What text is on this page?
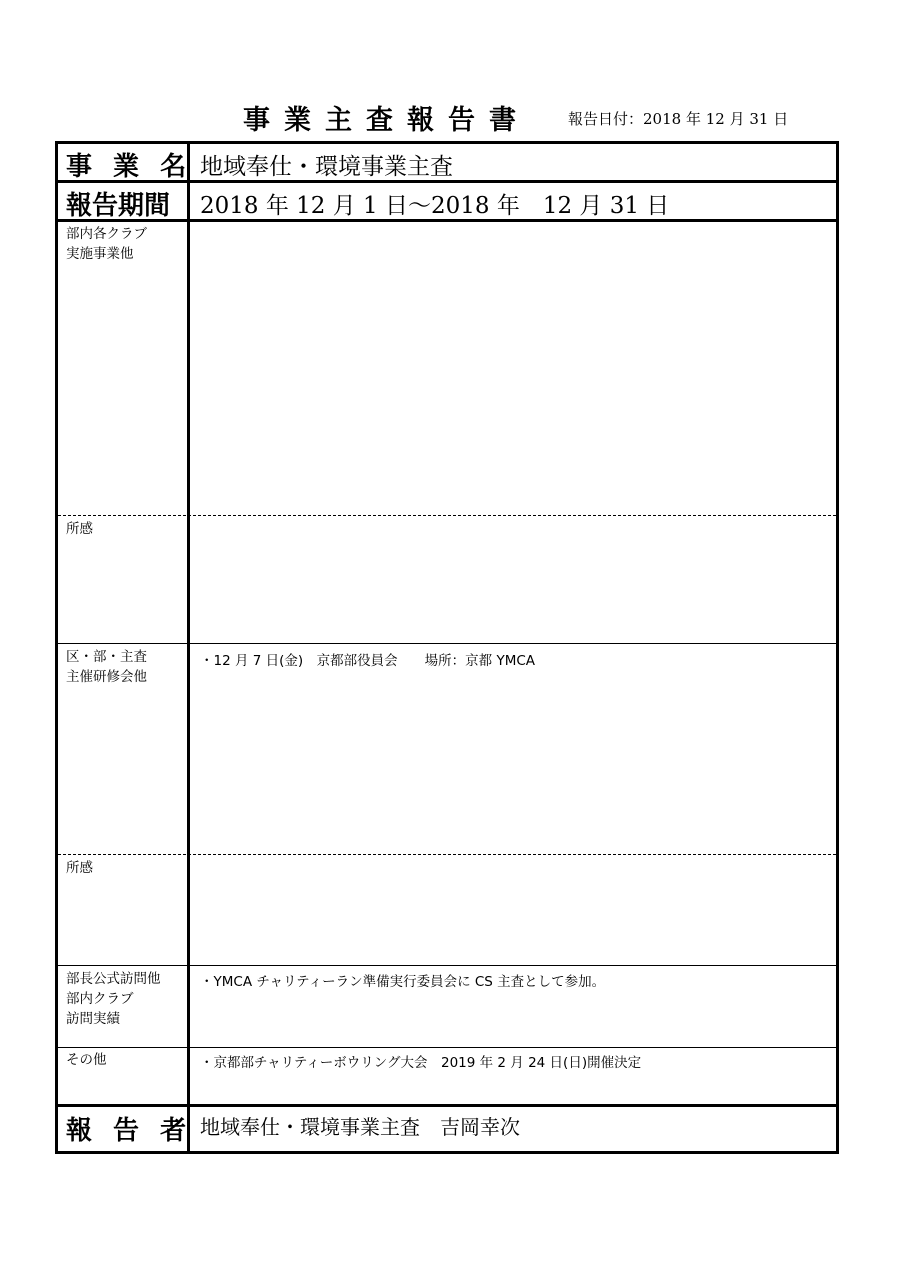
事業主査報告書	報告日付：2018 年 12 月 31 日
事 業 名 地域奉仕・環境事業主査
報告期間 2018 年 12 月 1 日～2018 年　12 月 31 日
部内各クラブ
実施事業他
所感
区・部・主査
主催研修会他
・12 月 7 日(金)　京都部役員会　　場所：京都 YMCA
所感
部長公式訪問他
部内クラブ
訪問実績
・YMCA チャリティーラン準備実行委員会に CS 主査として参加。
その他	・京都部チャリティーボウリング大会　2019 年 2 月 24 日(日)開催決定
報 告 者 地域奉仕・環境事業主査　吉岡幸次
